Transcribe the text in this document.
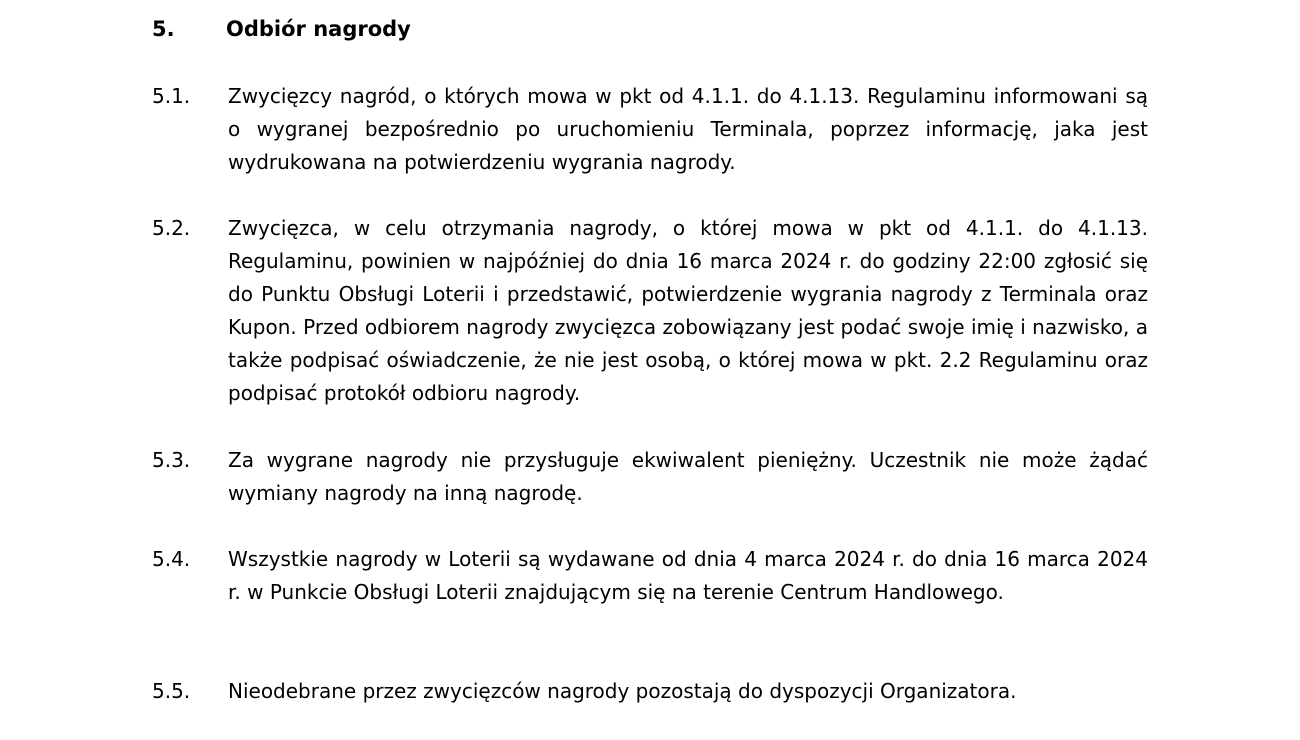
5. Odbiór nagrody
5.1. Zwycięzcy nagród, o których mowa w pkt od 4.1.1. do 4.1.13. Regulaminu informowani są o wygranej bezpośrednio po uruchomieniu Terminala, poprzez informację, jaka jest wydrukowana na potwierdzeniu wygrania nagrody.
5.2. Zwycięzca, w celu otrzymania nagrody, o której mowa w pkt od 4.1.1. do 4.1.13. Regulaminu, powinien w najpóźniej do dnia 16 marca 2024 r. do godziny 22:00 zgłosić się do Punktu Obsługi Loterii i przedstawić, potwierdzenie wygrania nagrody z Terminala oraz Kupon. Przed odbiorem nagrody zwycięzca zobowiązany jest podać swoje imię i nazwisko, a także podpisać oświadczenie, że nie jest osobą, o której mowa w pkt. 2.2 Regulaminu oraz podpisać protokół odbioru nagrody.
5.3. Za wygrane nagrody nie przysługuje ekwiwalent pieniężny. Uczestnik nie może żądać wymiany nagrody na inną nagrodę.
5.4. Wszystkie nagrody w Loterii są wydawane od dnia 4 marca 2024 r. do dnia 16 marca 2024 r. w Punkcie Obsługi Loterii znajdującym się na terenie Centrum Handlowego.
5.5. Nieodebrane przez zwycięzców nagrody pozostają do dyspozycji Organizatora.
